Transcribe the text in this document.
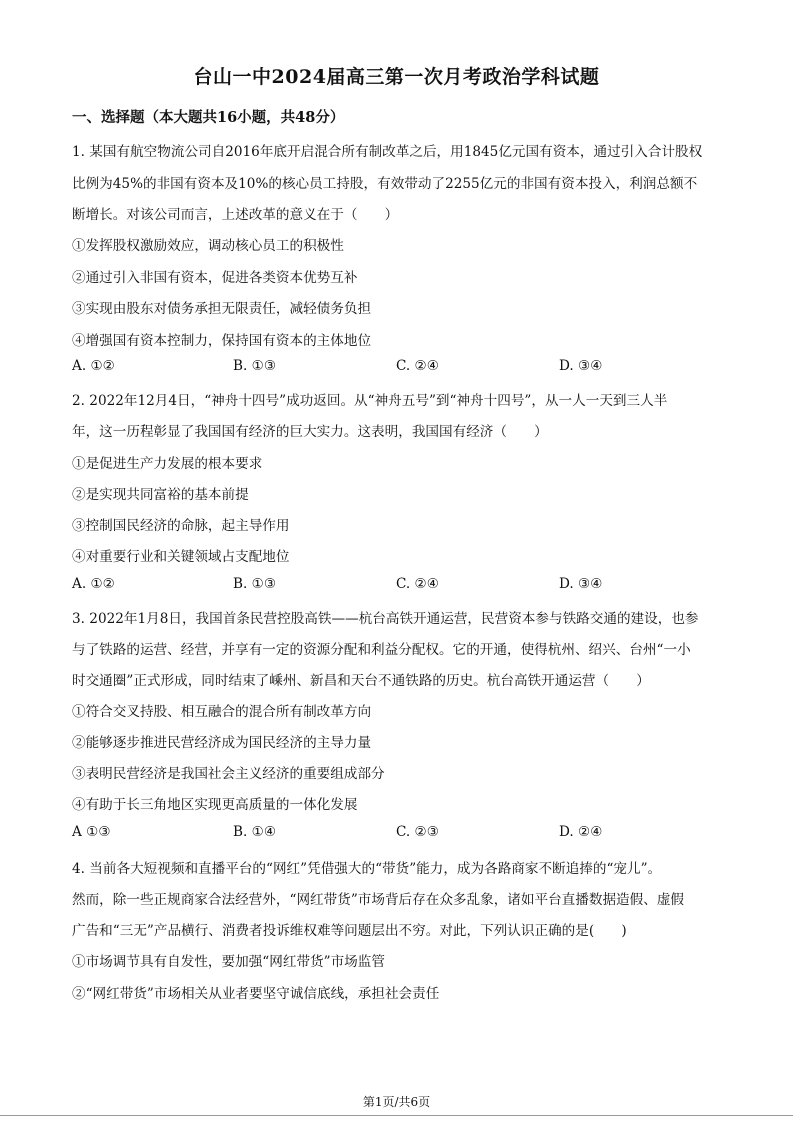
台山一中2024届高三第一次月考政治学科试题
一、选择题（本大题共16小题，共48分）
1. 某国有航空物流公司自2016年底开启混合所有制改革之后，用1845亿元国有资本，通过引入合计股权
比例为45%的非国有资本及10%的核心员工持股，有效带动了2255亿元的非国有资本投入，利润总额不
断增长。对该公司而言，上述改革的意义在于（　　）
①发挥股权激励效应，调动核心员工的积极性
②通过引入非国有资本，促进各类资本优势互补
③实现由股东对债务承担无限责任，减轻债务负担
④增强国有资本控制力，保持国有资本的主体地位
A. ①②	B. ①③	C. ②④	D. ③④
2. 2022年12月4日，“神舟十四号”成功返回。从“神舟五号”到“神舟十四号”，从一人一天到三人半
年，这一历程彰显了我国国有经济的巨大实力。这表明，我国国有经济（　　）
①是促进生产力发展的根本要求
②是实现共同富裕的基本前提
③控制国民经济的命脉，起主导作用
④对重要行业和关键领域占支配地位
A. ①②	B. ①③	C. ②④	D. ③④
3. 2022年1月8日，我国首条民营控股高铁——杭台高铁开通运营，民营资本参与铁路交通的建设，也参
与了铁路的运营、经营，并享有一定的资源分配和利益分配权。它的开通，使得杭州、绍兴、台州“一小
时交通圈”正式形成，同时结束了嵊州、新昌和天台不通铁路的历史。杭台高铁开通运营（　　）
①符合交叉持股、相互融合的混合所有制改革方向
②能够逐步推进民营经济成为国民经济的主导力量
③表明民营经济是我国社会主义经济的重要组成部分
④有助于长三角地区实现更高质量的一体化发展
A ①③	B. ①④	C. ②③	D. ②④
4. 当前各大短视频和直播平台的“网红”凭借强大的“带货”能力，成为各路商家不断追捧的“宠儿”。
然而，除一些正规商家合法经营外，“网红带货”市场背后存在众多乱象，诸如平台直播数据造假、虚假
广告和“三无”产品横行、消费者投诉维权难等问题层出不穷。对此，下列认识正确的是(　　)
①市场调节具有自发性，要加强“网红带货”市场监管
②“网红带货”市场相关从业者要坚守诚信底线，承担社会责任
第1页/共6页
